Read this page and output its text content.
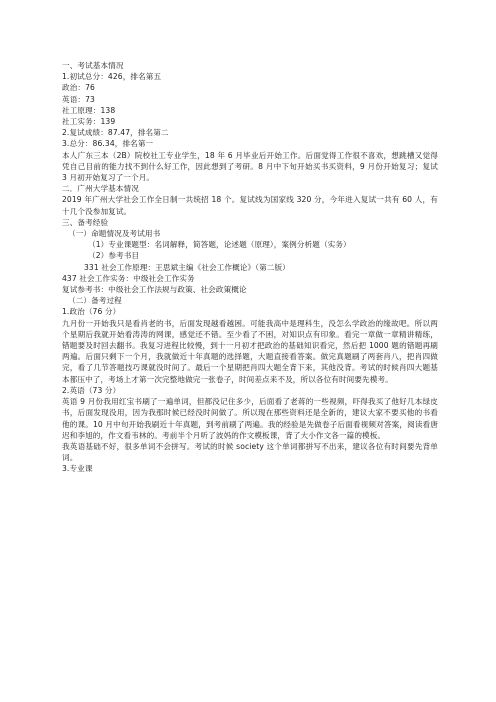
一、考试基本情况
1.初试总分：426，排名第五
政治：76
英语：73
社工原理：138
社工实务：139
2.复试成绩：87.47，排名第二
3.总分：86.34，排名第一
本人广东三本（2B）院校社工专业学生，18 年 6 月毕业后开始工作。后面觉得工作很不喜欢，想跳槽又觉得凭自己目前的能力找不到什么好工作，因此想到了考研。8 月中下旬开始买书买资料，9 月份开始复习；复试 3 月初开始复习了一个月。
二．广州大学基本情况
2019 年广州大学社会工作全日制一共统招 18 个。复试线为国家线 320 分，今年进入复试一共有 60 人，有十几个没参加复试。
三、备考经验
（一）命题情况及考试用书
（1）专业课题型：名词解释，简答题，论述题（原理），案例分析题（实务）
（2）参考书目
331 社会工作原理：王思斌主编《社会工作概论》（第二版）
437 社会工作实务：中级社会工作实务
复试参考书：中级社会工作法规与政策、社会政策概论
（二）备考过程
1.政治（76 分）
九月份一开始我只是看肖老的书，后面发现越看越困。可能我高中是理科生，没怎么学政治的缘故吧。所以两个星期后我就开始看涛涛的网课，感觉还不错。至少看了不困，对知识点有印象。看完一章做一章精讲精练，错题要及时回去翻书。我复习进程比较慢，到十一月初才把政治的基础知识看完，然后把 1000 题的错题再刷两遍。后面只剩下一个月，我就做近十年真题的选择题，大题直接看答案。做完真题刷了两套肖八，把肖四做完，看了几节答题技巧课就没时间了。最后一个星期把肖四大题全背下来，其他没背。考试的时候肖四大题基本都压中了，考场上才第一次完整地做完一张卷子，时间差点来不及，所以各位有时间要先模考。
2.英语（73 分）
英语 9 月份我用红宝书刷了一遍单词，但都没记住多少，后面看了老蒋的一些视频，吓得我买了他好几本绿皮书，后面发现没用，因为我那时候已经没时间做了。所以现在那些资料还是全新的，建议大家不要买他的书看他的课。10 月中旬开始我刷近十年真题，到考前刷了两遍。我的经验是先做卷子后面看视频对答案，阅读看唐迟和李旭的，作文看韦林的。考前半个月听了波妈的作文模板课，背了大小作文各一篇的模板。
我英语基础不好，很多单词不会拼写。考试的时候 society 这个单词都拼写不出来，建议各位有时间要先背单词。
3.专业课
